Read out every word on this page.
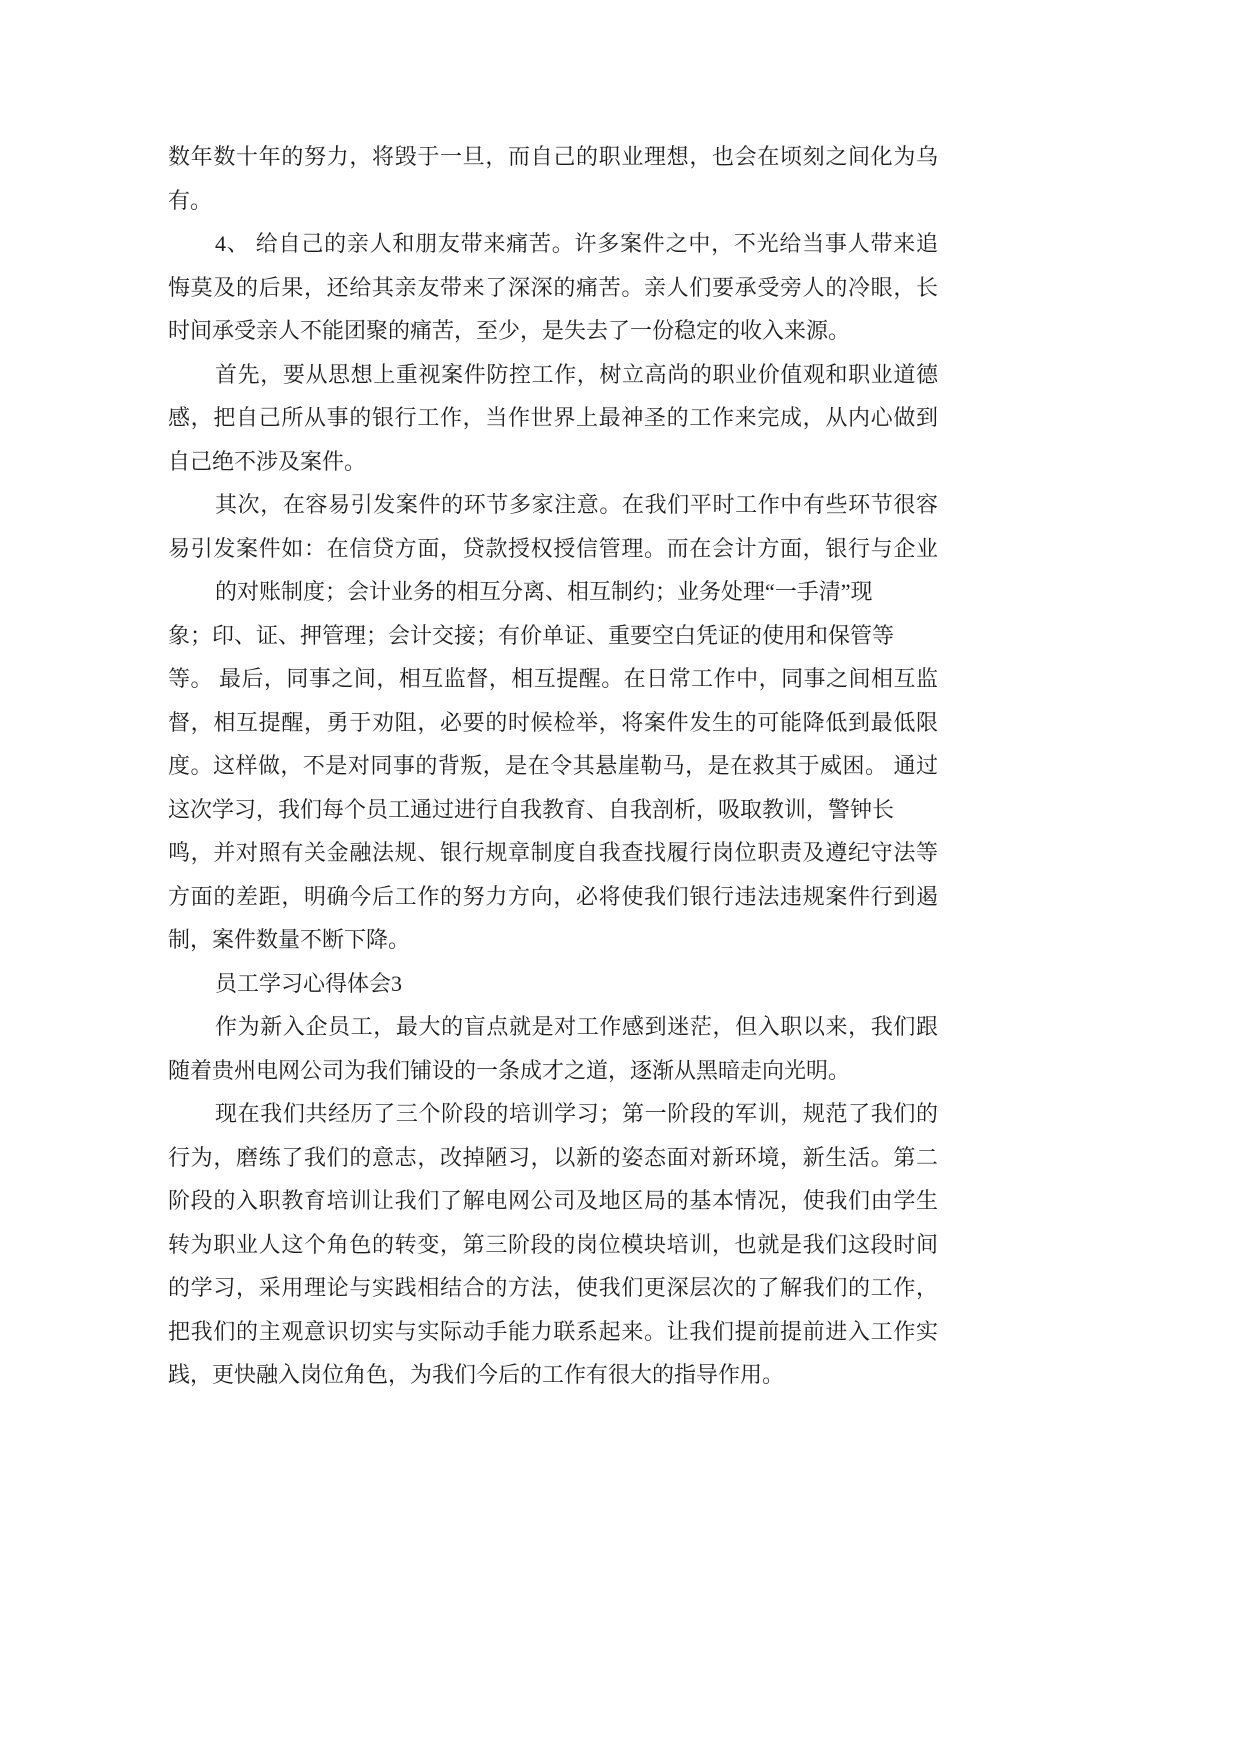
数年数十年的努力，将毁于一旦，而自己的职业理想，也会在顷刻之间化为乌
有。
4、 给自己的亲人和朋友带来痛苦。许多案件之中，不光给当事人带来追
悔莫及的后果，还给其亲友带来了深深的痛苦。亲人们要承受旁人的冷眼，长
时间承受亲人不能团聚的痛苦，至少，是失去了一份稳定的收入来源。
首先，要从思想上重视案件防控工作，树立高尚的职业价值观和职业道德
感，把自己所从事的银行工作，当作世界上最神圣的工作来完成，从内心做到
自己绝不涉及案件。
其次，在容易引发案件的环节多家注意。在我们平时工作中有些环节很容
易引发案件如：在信贷方面，贷款授权授信管理。而在会计方面，银行与企业
的对账制度；会计业务的相互分离、相互制约；业务处理“一手清”现
象；印、证、押管理；会计交接；有价单证、重要空白凭证的使用和保管等
等。 最后，同事之间，相互监督，相互提醒。在日常工作中，同事之间相互监
督，相互提醒，勇于劝阻，必要的时候检举，将案件发生的可能降低到最低限
度。这样做，不是对同事的背叛，是在令其悬崖勒马，是在救其于威困。 通过
这次学习，我们每个员工通过进行自我教育、自我剖析，吸取教训，警钟长
鸣，并对照有关金融法规、银行规章制度自我查找履行岗位职责及遵纪守法等
方面的差距，明确今后工作的努力方向，必将使我们银行违法违规案件行到遏
制，案件数量不断下降。
员工学习心得体会3
作为新入企员工，最大的盲点就是对工作感到迷茫，但入职以来，我们跟
随着贵州电网公司为我们铺设的一条成才之道，逐渐从黑暗走向光明。
现在我们共经历了三个阶段的培训学习；第一阶段的军训，规范了我们的
行为，磨练了我们的意志，改掉陋习，以新的姿态面对新环境，新生活。第二
阶段的入职教育培训让我们了解电网公司及地区局的基本情况，使我们由学生
转为职业人这个角色的转变，第三阶段的岗位模块培训，也就是我们这段时间
的学习，采用理论与实践相结合的方法，使我们更深层次的了解我们的工作，
把我们的主观意识切实与实际动手能力联系起来。让我们提前提前进入工作实
践，更快融入岗位角色，为我们今后的工作有很大的指导作用。
